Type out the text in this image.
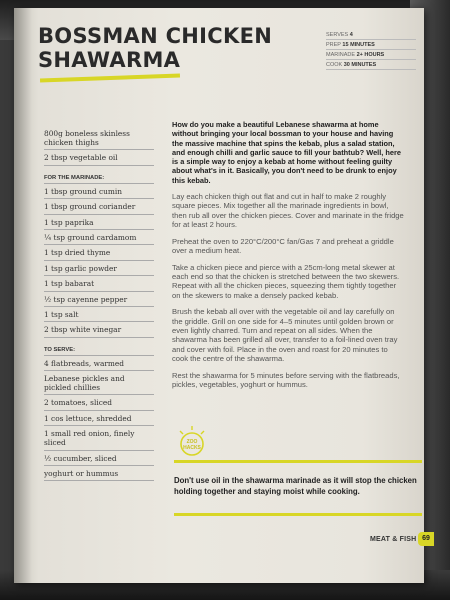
BOSSMAN CHICKEN
SHAWARMA
SERVES 4
PREP 15 MINUTES
MARINADE 2+ HOURS
COOK 30 MINUTES
800g boneless skinless chicken thighs
2 tbsp vegetable oil
FOR THE MARINADE:
1 tbsp ground cumin
1 tbsp ground coriander
1 tsp paprika
¼ tsp ground cardamom
1 tsp dried thyme
1 tsp garlic powder
1 tsp babarat
½ tsp cayenne pepper
1 tsp salt
2 tbsp white vinegar
TO SERVE:
4 flatbreads, warmed
Lebanese pickles and pickled chillies
2 tomatoes, sliced
1 cos lettuce, shredded
1 small red onion, finely sliced
½ cucumber, sliced
yoghurt or hummus

How do you make a beautiful Lebanese shawarma at home without bringing your local bossman to your house and having the massive machine that spins the kebab, plus a salad station, and enough chilli and garlic sauce to fill your bathtub? Well, here is a simple way to enjoy a kebab at home without feeling guilty about what's in it. Basically, you don't need to be drunk to enjoy this kebab.

Lay each chicken thigh out flat and cut in half to make 2 roughly square pieces. Mix together all the marinade ingredients in bowl, then rub all over the chicken pieces. Cover and marinate in the fridge for at least 2 hours.

Preheat the oven to 220°C/200°C fan/Gas 7 and preheat a griddle over a medium heat.

Take a chicken piece and pierce with a 25cm-long metal skewer at each end so that the chicken is stretched between the two skewers. Repeat with all the chicken pieces, squeezing them tightly together on the skewers to make a densely packed kebab.

Brush the kebab all over with the vegetable oil and lay carefully on the griddle. Grill on one side for 4–5 minutes until golden brown or even lightly charred. Turn and repeat on all sides. When the shawarma has been grilled all over, transfer to a foil-lined oven tray and cover with foil. Place in the oven and roast for 20 minutes to cook the centre of the shawarma.

Rest the shawarma for 5 minutes before serving with the flatbreads, pickles, vegetables, yoghurt or hummus.

ZOO
HACKS
Don't use oil in the shawarma marinade as it will stop the chicken holding together and staying moist while cooking.
MEAT & FISH 69
